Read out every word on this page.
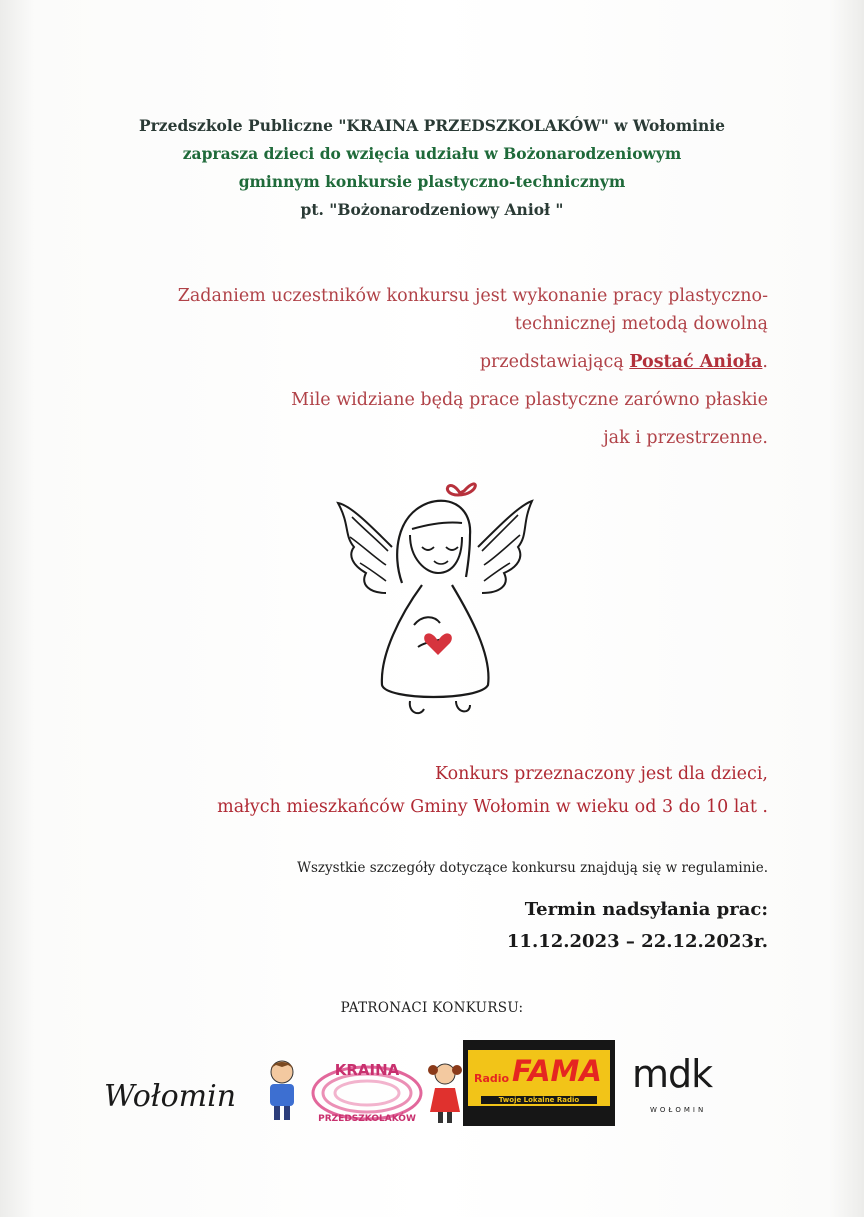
Przedszkole Publiczne "KRAINA PRZEDSZKOLAKÓW" w Wołominie
zaprasza dzieci do wzięcia udziału w Bożonarodzeniowym
gminnym konkursie plastyczno-technicznym
pt. "Bożonarodzeniowy Anioł "
Zadaniem uczestników konkursu jest wykonanie pracy plastyczno-
technicznej metodą dowolną
przedstawiającą Postać Anioła.
Mile widziane będą prace plastyczne zarówno płaskie
jak i przestrzenne.
Konkurs przeznaczony jest dla dzieci,
małych mieszkańców Gminy Wołomin w wieku od 3 do 10 lat .
Wszystkie szczegóły dotyczące konkursu znajdują się w regulaminie.
Termin nadsyłania prac:
11.12.2023 – 22.12.2023r.
PATRONACI KONKURSU:
Wołomin
KRAINA
PRZEDSZKOLAKÓW
Radio FAMA
Twoje Lokalne Radio
mdk
WOŁOMIN
